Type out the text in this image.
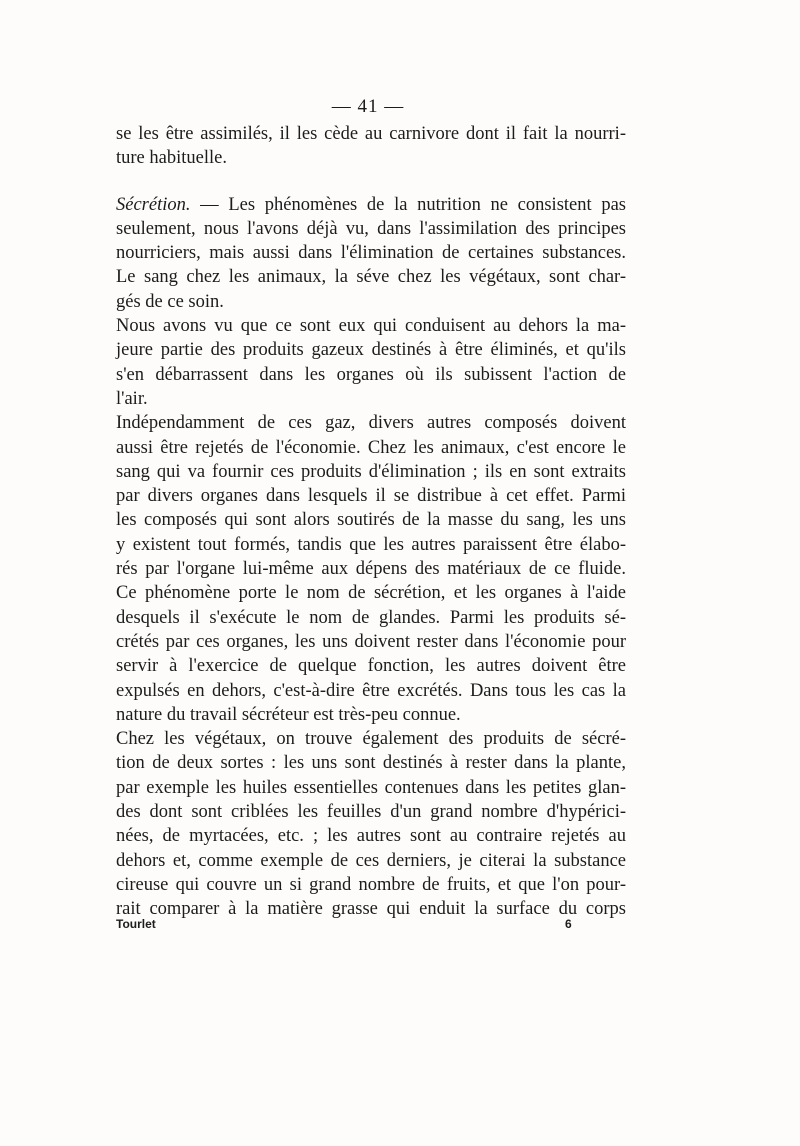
— 41 —
se les être assimilés, il les cède au carnivore dont il fait la nourri-
ture habituelle.
Sécrétion. — Les phénomènes de la nutrition ne consistent pas
seulement, nous l'avons déjà vu, dans l'assimilation des principes
nourriciers, mais aussi dans l'élimination de certaines substances.
Le sang chez les animaux, la séve chez les végétaux, sont char-
gés de ce soin.
Nous avons vu que ce sont eux qui conduisent au dehors la ma-
jeure partie des produits gazeux destinés à être éliminés, et qu'ils
s'en débarrassent dans les organes où ils subissent l'action de
l'air.
Indépendamment de ces gaz, divers autres composés doivent
aussi être rejetés de l'économie. Chez les animaux, c'est encore le
sang qui va fournir ces produits d'élimination ; ils en sont extraits
par divers organes dans lesquels il se distribue à cet effet. Parmi
les composés qui sont alors soutirés de la masse du sang, les uns
y existent tout formés, tandis que les autres paraissent être élabo-
rés par l'organe lui-même aux dépens des matériaux de ce fluide.
Ce phénomène porte le nom de sécrétion, et les organes à l'aide
desquels il s'exécute le nom de glandes. Parmi les produits sé-
crétés par ces organes, les uns doivent rester dans l'économie pour
servir à l'exercice de quelque fonction, les autres doivent être
expulsés en dehors, c'est-à-dire être excrétés. Dans tous les cas la
nature du travail sécréteur est très-peu connue.
Chez les végétaux, on trouve également des produits de sécré-
tion de deux sortes : les uns sont destinés à rester dans la plante,
par exemple les huiles essentielles contenues dans les petites glan-
des dont sont criblées les feuilles d'un grand nombre d'hypérici-
nées, de myrtacées, etc. ; les autres sont au contraire rejetés au
dehors et, comme exemple de ces derniers, je citerai la substance
cireuse qui couvre un si grand nombre de fruits, et que l'on pour-
rait comparer à la matière grasse qui enduit la surface du corps
Tourlet	6
